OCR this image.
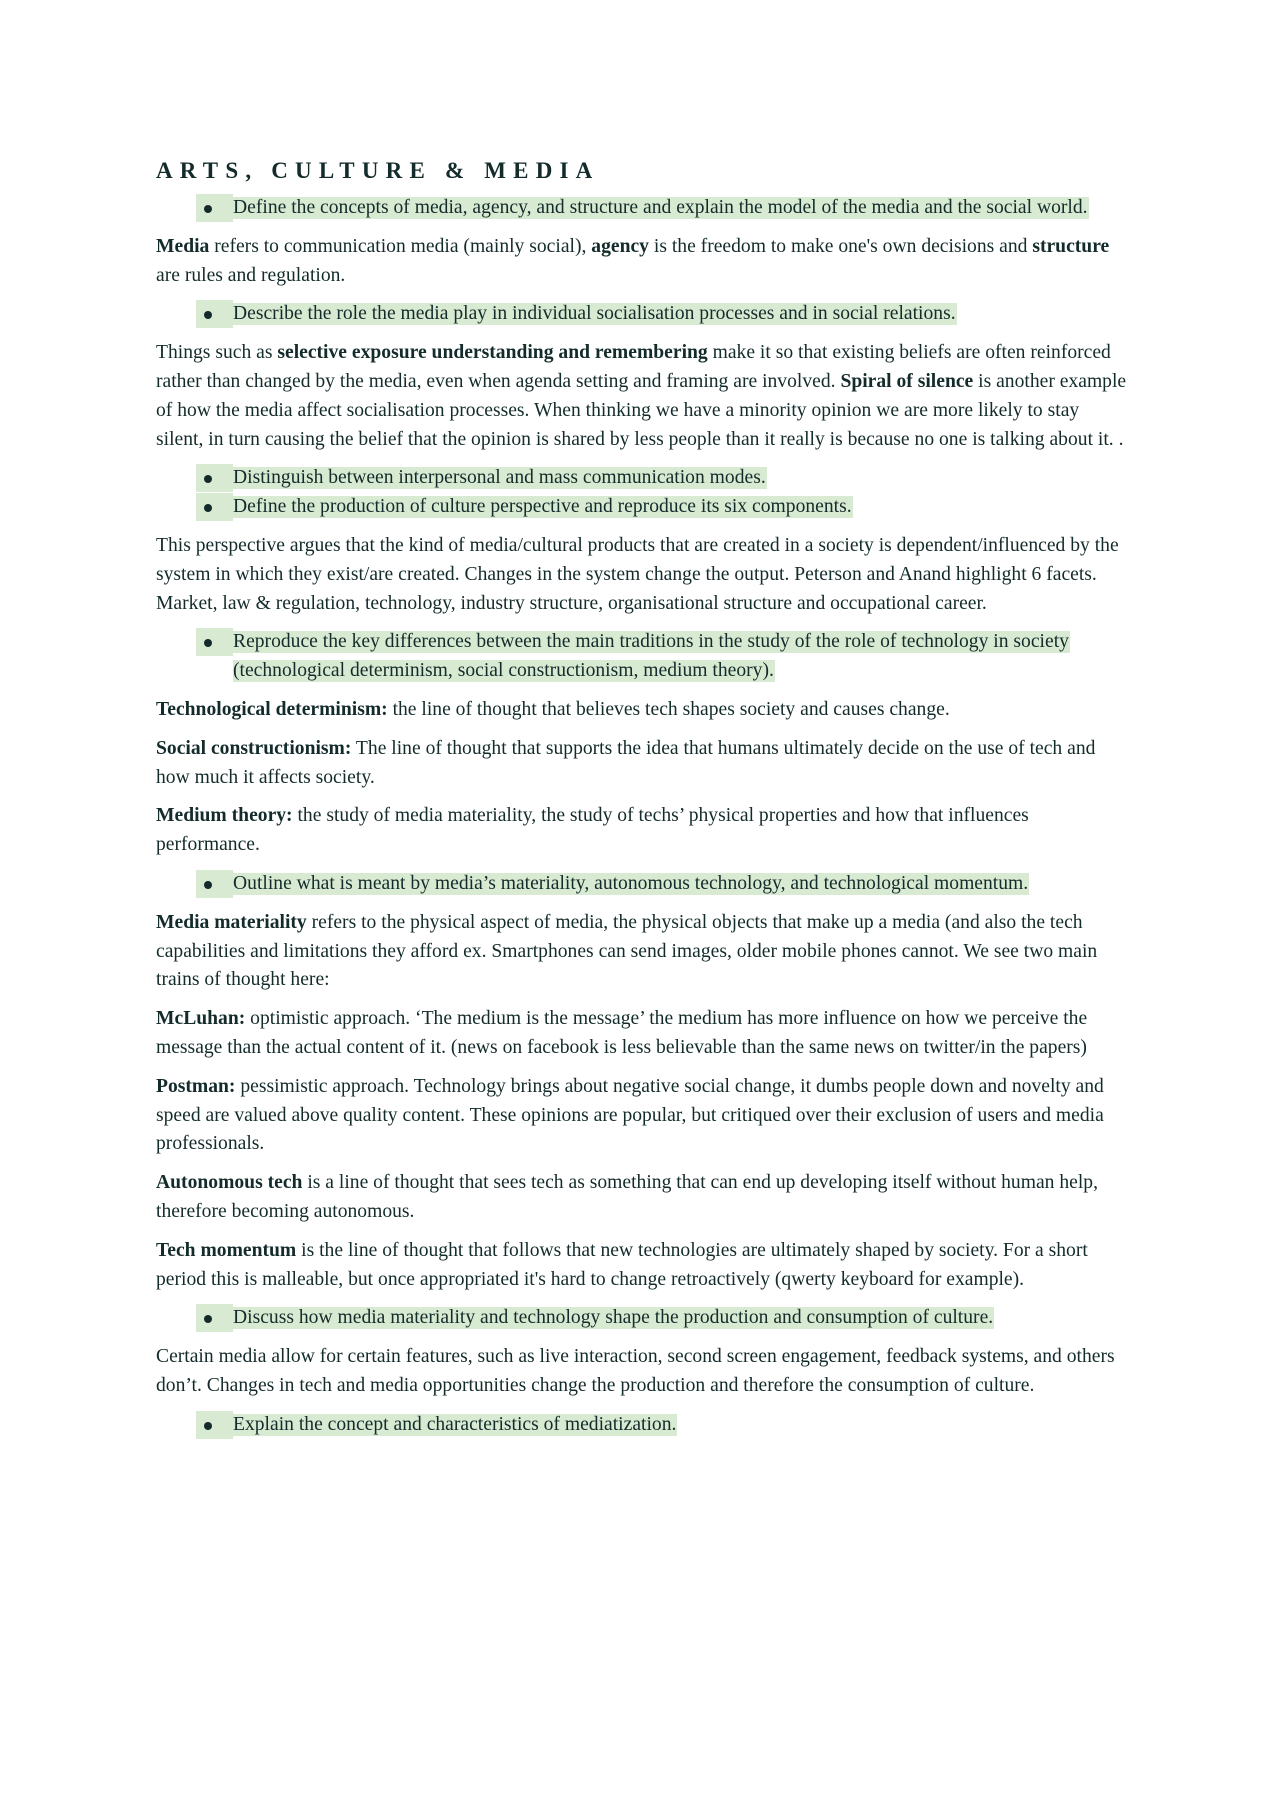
ARTS, CULTURE & MEDIA
Define the concepts of media, agency, and structure and explain the model of the media and the social world.

Media refers to communication media (mainly social), agency is the freedom to make one's own decisions and structure are rules and regulation.

Describe the role the media play in individual socialisation processes and in social relations.

Things such as selective exposure understanding and remembering make it so that existing beliefs are often reinforced rather than changed by the media, even when agenda setting and framing are involved. Spiral of silence is another example of how the media affect socialisation processes. When thinking we have a minority opinion we are more likely to stay silent, in turn causing the belief that the opinion is shared by less people than it really is because no one is talking about it. .

Distinguish between interpersonal and mass communication modes.
Define the production of culture perspective and reproduce its six components.

This perspective argues that the kind of media/cultural products that are created in a society is dependent/influenced by the system in which they exist/are created. Changes in the system change the output. Peterson and Anand highlight 6 facets. Market, law & regulation, technology, industry structure, organisational structure and occupational career.

Reproduce the key differences between the main traditions in the study of the role of technology in society (technological determinism, social constructionism, medium theory).

Technological determinism: the line of thought that believes tech shapes society and causes change.

Social constructionism: The line of thought that supports the idea that humans ultimately decide on the use of tech and how much it affects society.

Medium theory: the study of media materiality, the study of techs’ physical properties and how that influences performance.

Outline what is meant by media’s materiality, autonomous technology, and technological momentum.

Media materiality refers to the physical aspect of media, the physical objects that make up a media (and also the tech capabilities and limitations they afford ex. Smartphones can send images, older mobile phones cannot. We see two main trains of thought here:

McLuhan: optimistic approach. ‘The medium is the message’ the medium has more influence on how we perceive the message than the actual content of it. (news on facebook is less believable than the same news on twitter/in the papers)

Postman: pessimistic approach. Technology brings about negative social change, it dumbs people down and novelty and speed are valued above quality content. These opinions are popular, but critiqued over their exclusion of users and media professionals.

Autonomous tech is a line of thought that sees tech as something that can end up developing itself without human help, therefore becoming autonomous.

Tech momentum is the line of thought that follows that new technologies are ultimately shaped by society. For a short period this is malleable, but once appropriated it's hard to change retroactively (qwerty keyboard for example).

Discuss how media materiality and technology shape the production and consumption of culture.

Certain media allow for certain features, such as live interaction, second screen engagement, feedback systems, and others don’t. Changes in tech and media opportunities change the production and therefore the consumption of culture.

Explain the concept and characteristics of mediatization.
